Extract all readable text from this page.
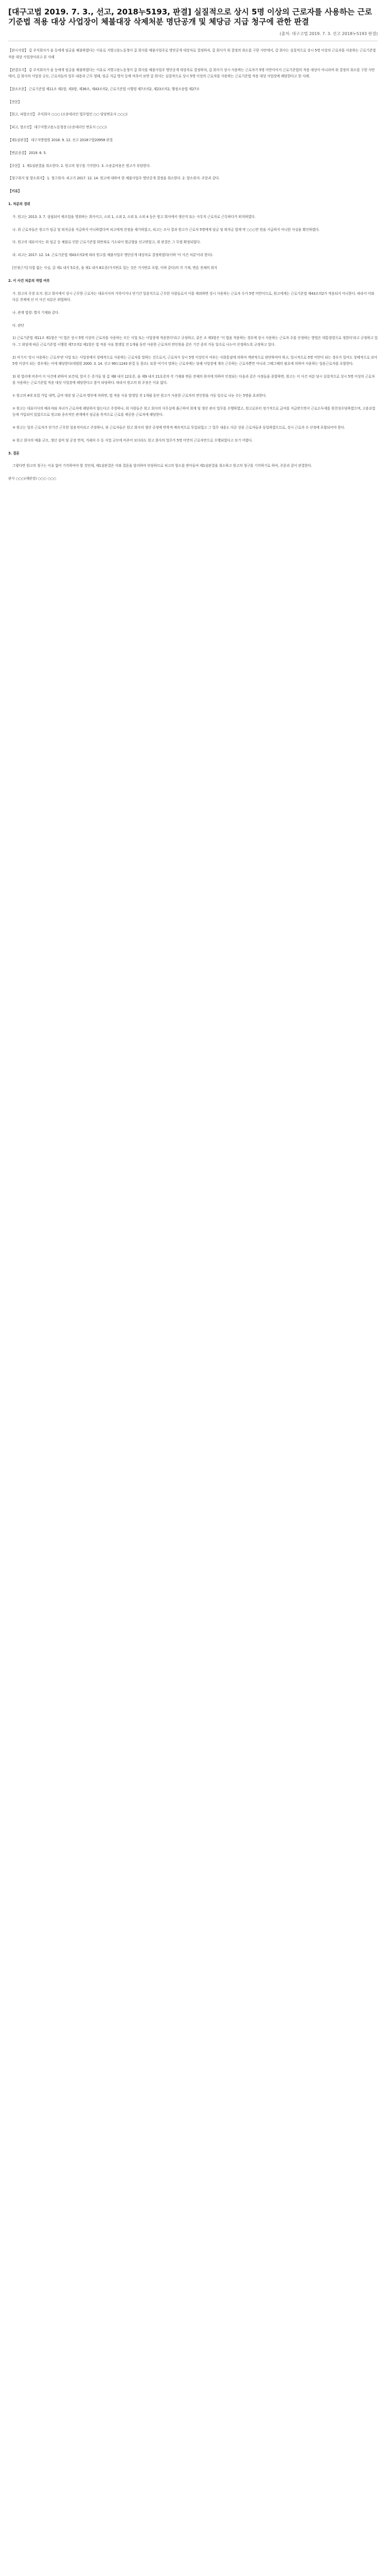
[대구고법 2019. 7. 3., 선고, 2018누5193, 판결] 실질적으로 상시 5명 이상의 근로자를 사용하는 근로기준법 적용 대상 사업장이 체불대장 삭제처분 명단공개 및 체당금 지급 청구에 관한 판결
(출처: 대구고법 2019. 7. 3. 선고 2018누5193 판결)

【판시사항】 갑 주식회사가 을 등에게 임금을 체불하였다는 이유로 지방고용노동청이 갑 회사를 체불사업주로 명단공개 대상자로 결정하자, 갑 회사가 위 결정의 취소를 구한 사안에서, 갑 회사는 실질적으로 상시 5명 이상의 근로자를 사용하는 근로기준법 적용 대상 사업장이라고 본 사례

【판결요지】 갑 주식회사가 을 등에게 임금을 체불하였다는 이유로 지방고용노동청이 갑 회사를 체불사업주 명단공개 대상자로 결정하자, 갑 회사가 상시 사용하는 근로자가 5명 미만이어서 근로기준법의 적용 대상이 아니라며 위 결정의 취소를 구한 사안에서, 갑 회사의 사업장 규모, 근로자들의 업무 내용과 근무 형태, 임금 지급 방식 등에 비추어 보면 갑 회사는 실질적으로 상시 5명 이상의 근로자를 사용하는 근로기준법 적용 대상 사업장에 해당한다고 한 사례.

【참조조문】 근로기준법 제11조 제1항, 제3항, 제36조, 제43조의2, 근로기준법 시행령 제7조의2, 제23조의2, 행정소송법 제27조

【전문】

【원고, 피항소인】 주식회사 ○○○ (소송대리인 법무법인 ○○ 담당변호사 ○○○)

【피고, 항소인】 대구지방고용노동청장 (소송대리인 변호사 ○○○)

【제1심판결】 대구지방법원 2018. 9. 12. 선고 2018구합20958 판결

【변론종결】 2019. 6. 5.

【주문】 1. 제1심판결을 취소한다. 2. 원고의 청구를 기각한다. 3. 소송총비용은 원고가 부담한다.

【청구취지 및 항소취지】 1. 청구취지: 피고가 2017. 12. 14. 원고에 대하여 한 체불사업주 명단공개 결정을 취소한다. 2. 항소취지: 주문과 같다.

【이유】

1. 처분의 경위

가. 원고는 2013. 3. 7. 설립되어 제조업을 영위하는 회사이고, 소외 1, 소외 2, 소외 3, 소외 4 등은 원고 회사에서 생산직 또는 사무직 근로자로 근무하다가 퇴직하였다.

나. 위 근로자들은 원고가 임금 및 퇴직금을 지급하지 아니하였다며 피고에게 진정을 제기하였고, 피고는 조사 결과 원고가 근로자 5명에게 임금 및 퇴직금 합계 약 ○○○만 원을 지급하지 아니한 사실을 확인하였다.

다. 원고의 대표이사는 위 임금 등 체불로 인한 근로기준법 위반죄로 기소되어 벌금형을 선고받았고, 위 판결은 그 무렵 확정되었다.

라. 피고는 2017. 12. 14. 근로기준법 제43조의2에 따라 원고를 체불사업주 명단공개 대상자로 결정하였다(이하 '이 사건 처분'이라 한다).

[인정근거] 다툼 없는 사실, 갑 제1 내지 5호증, 을 제1 내지 8호증(가지번호 있는 것은 가지번호 포함, 이하 같다)의 각 기재, 변론 전체의 취지

2. 이 사건 처분의 적법 여부

가. 원고의 주장 요지: 원고 회사에서 상시 근무한 근로자는 대표이사의 가족이거나 단기간 일용직으로 근무한 사람들로서 이를 제외하면 상시 사용하는 근로자 수가 5명 미만이므로, 원고에게는 근로기준법 제43조의2가 적용되지 아니한다. 따라서 이와 다른 전제에 선 이 사건 처분은 위법하다.

나. 관계 법령: 별지 기재와 같다.

다. 판단

1) 근로기준법 제11조 제1항은 '이 법은 상시 5명 이상의 근로자를 사용하는 모든 사업 또는 사업장에 적용한다'라고 규정하고, 같은 조 제3항은 '이 법을 적용하는 경우에 상시 사용하는 근로자 수를 산정하는 방법은 대통령령으로 정한다'라고 규정하고 있다. 그 위임에 따른 근로기준법 시행령 제7조의2 제1항은 법 적용 사유 발생일 전 1개월 동안 사용한 근로자의 연인원을 같은 기간 중의 가동 일수로 나누어 산정하도록 규정하고 있다.

2) 여기서 '상시 사용하는 근로자'란 사업 또는 사업장에서 상태적으로 사용하는 근로자를 말하는 것으로서, 근로자가 상시 5명 이상인지 여부는 사회통념에 의하여 객관적으로 판단하여야 하고, 일시적으로 5명 미만이 되는 경우가 있어도 상태적으로 보아 5명 이상이 되는 경우에는 이에 해당한다(대법원 2000. 3. 14. 선고 99도1243 판결 등 참조). 또한 여기서 말하는 근로자에는 당해 사업장에 계속 근무하는 근로자뿐만 아니라 그때그때의 필요에 의하여 사용하는 일용근로자를 포함한다.

3) 위 법리에 비추어 이 사건에 관하여 보건대, 앞서 든 증거들 및 갑 제6 내지 12호증, 을 제9 내지 21호증의 각 기재와 변론 전체의 취지에 의하여 인정되는 다음과 같은 사정들을 종합하면, 원고는 이 사건 처분 당시 실질적으로 상시 5명 이상의 근로자를 사용하는 근로기준법 적용 대상 사업장에 해당한다고 봄이 타당하다. 따라서 원고의 위 주장은 이유 없다.

① 원고의 4대 보험 가입 내역, 급여 대장 및 근로자 명부에 의하면, 법 적용 사유 발생일 전 1개월 동안 원고가 사용한 근로자의 연인원을 가동 일수로 나눈 수는 5명을 초과한다.

② 원고는 대표이사의 배우자와 자녀가 근로자에 해당하지 않는다고 주장하나, 위 사람들은 원고 회사의 사무실에 출근하여 회계 및 생산 관리 업무를 수행하였고, 원고로부터 정기적으로 급여를 지급받으면서 근로소득세를 원천징수당하였으며, 고용보험 등에 가입되어 있었으므로 원고와 종속적인 관계에서 임금을 목적으로 근로를 제공한 근로자에 해당한다.

③ 원고는 일부 근로자가 단기간 근무한 일용직이라고 주장하나, 위 근로자들은 원고 회사의 생산 공정에 반복적·계속적으로 투입되었고 그 업무 내용도 다른 상용 근로자들과 동일하였으므로, 상시 근로자 수 산정에 포함되어야 한다.

④ 원고 회사의 매출 규모, 생산 설비 및 공장 면적, 거래처 수 등 사업 규모에 비추어 보더라도 원고 회사의 업무가 5명 미만의 근로자만으로 수행되었다고 보기 어렵다.

3. 결론

그렇다면 원고의 청구는 이유 없어 기각하여야 할 것인데, 제1심판결은 이와 결론을 달리하여 부당하므로 피고의 항소를 받아들여 제1심판결을 취소하고 원고의 청구를 기각하기로 하여, 주문과 같이 판결한다.

판사 ○○○(재판장) ○○○ ○○○
